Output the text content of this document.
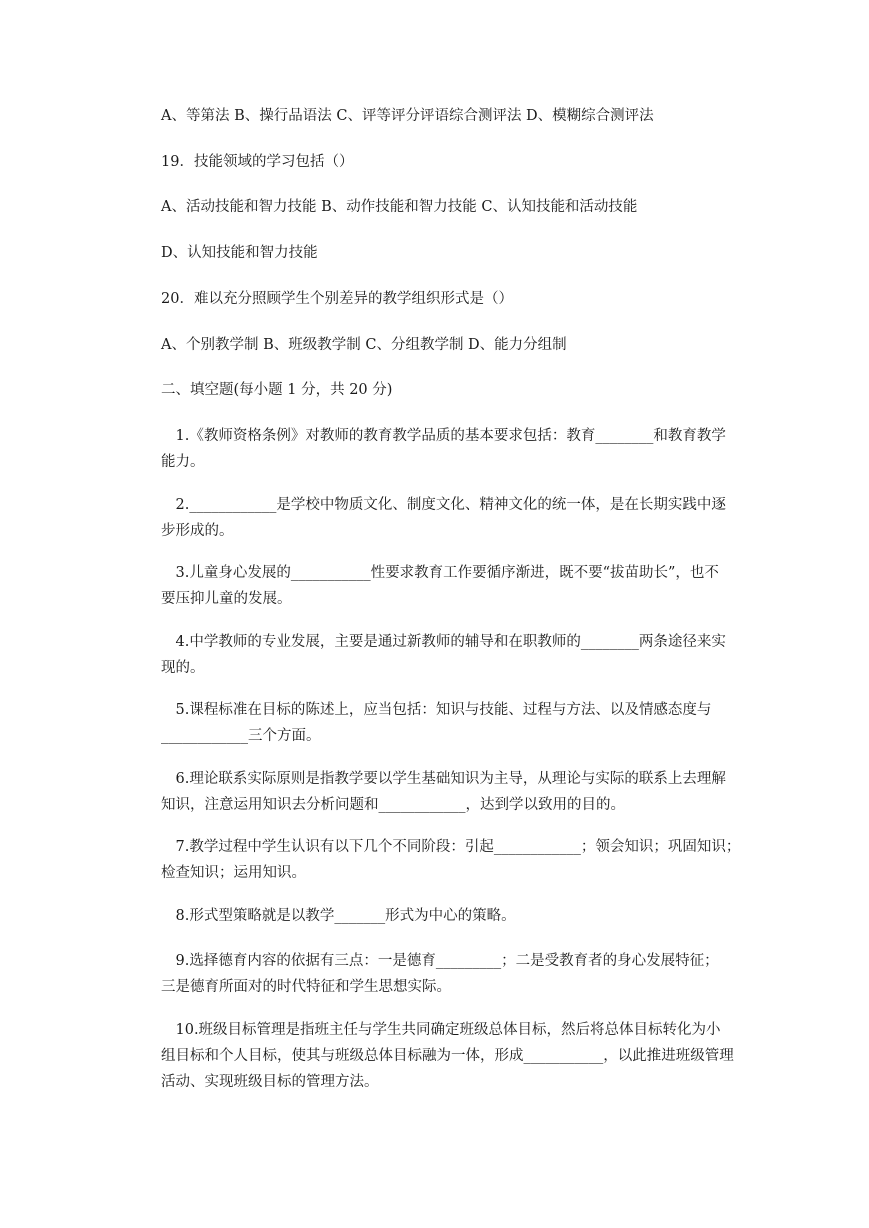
A、等第法 B、操行品语法 C、评等评分评语综合测评法 D、模糊综合测评法
19．技能领域的学习包括（）
A、活动技能和智力技能 B、动作技能和智力技能 C、认知技能和活动技能
D、认知技能和智力技能
20．难以充分照顾学生个别差异的教学组织形式是（）
A、个别教学制 B、班级教学制 C、分组教学制 D、能力分组制
二、填空题(每小题 1 分，共 20 分)
　1.《教师资格条例》对教师的教育教学品质的基本要求包括：教育________和教育教学
能力。
　2.____________是学校中物质文化、制度文化、精神文化的统一体，是在长期实践中逐
步形成的。
　3.儿童身心发展的___________性要求教育工作要循序渐进，既不要“拔苗助长”，也不
要压抑儿童的发展。
　4.中学教师的专业发展，主要是通过新教师的辅导和在职教师的________两条途径来实
现的。
　5.课程标准在目标的陈述上，应当包括：知识与技能、过程与方法、以及情感态度与
____________三个方面。
　6.理论联系实际原则是指教学要以学生基础知识为主导，从理论与实际的联系上去理解
知识，注意运用知识去分析问题和____________，达到学以致用的目的。
　7.教学过程中学生认识有以下几个不同阶段：引起____________；领会知识；巩固知识；
检查知识；运用知识。
　8.形式型策略就是以教学_______形式为中心的策略。
　9.选择德育内容的依据有三点：一是德育_________；二是受教育者的身心发展特征；
三是德育所面对的时代特征和学生思想实际。
　10.班级目标管理是指班主任与学生共同确定班级总体目标，然后将总体目标转化为小
组目标和个人目标，使其与班级总体目标融为一体，形成___________，以此推进班级管理
活动、实现班级目标的管理方法。
